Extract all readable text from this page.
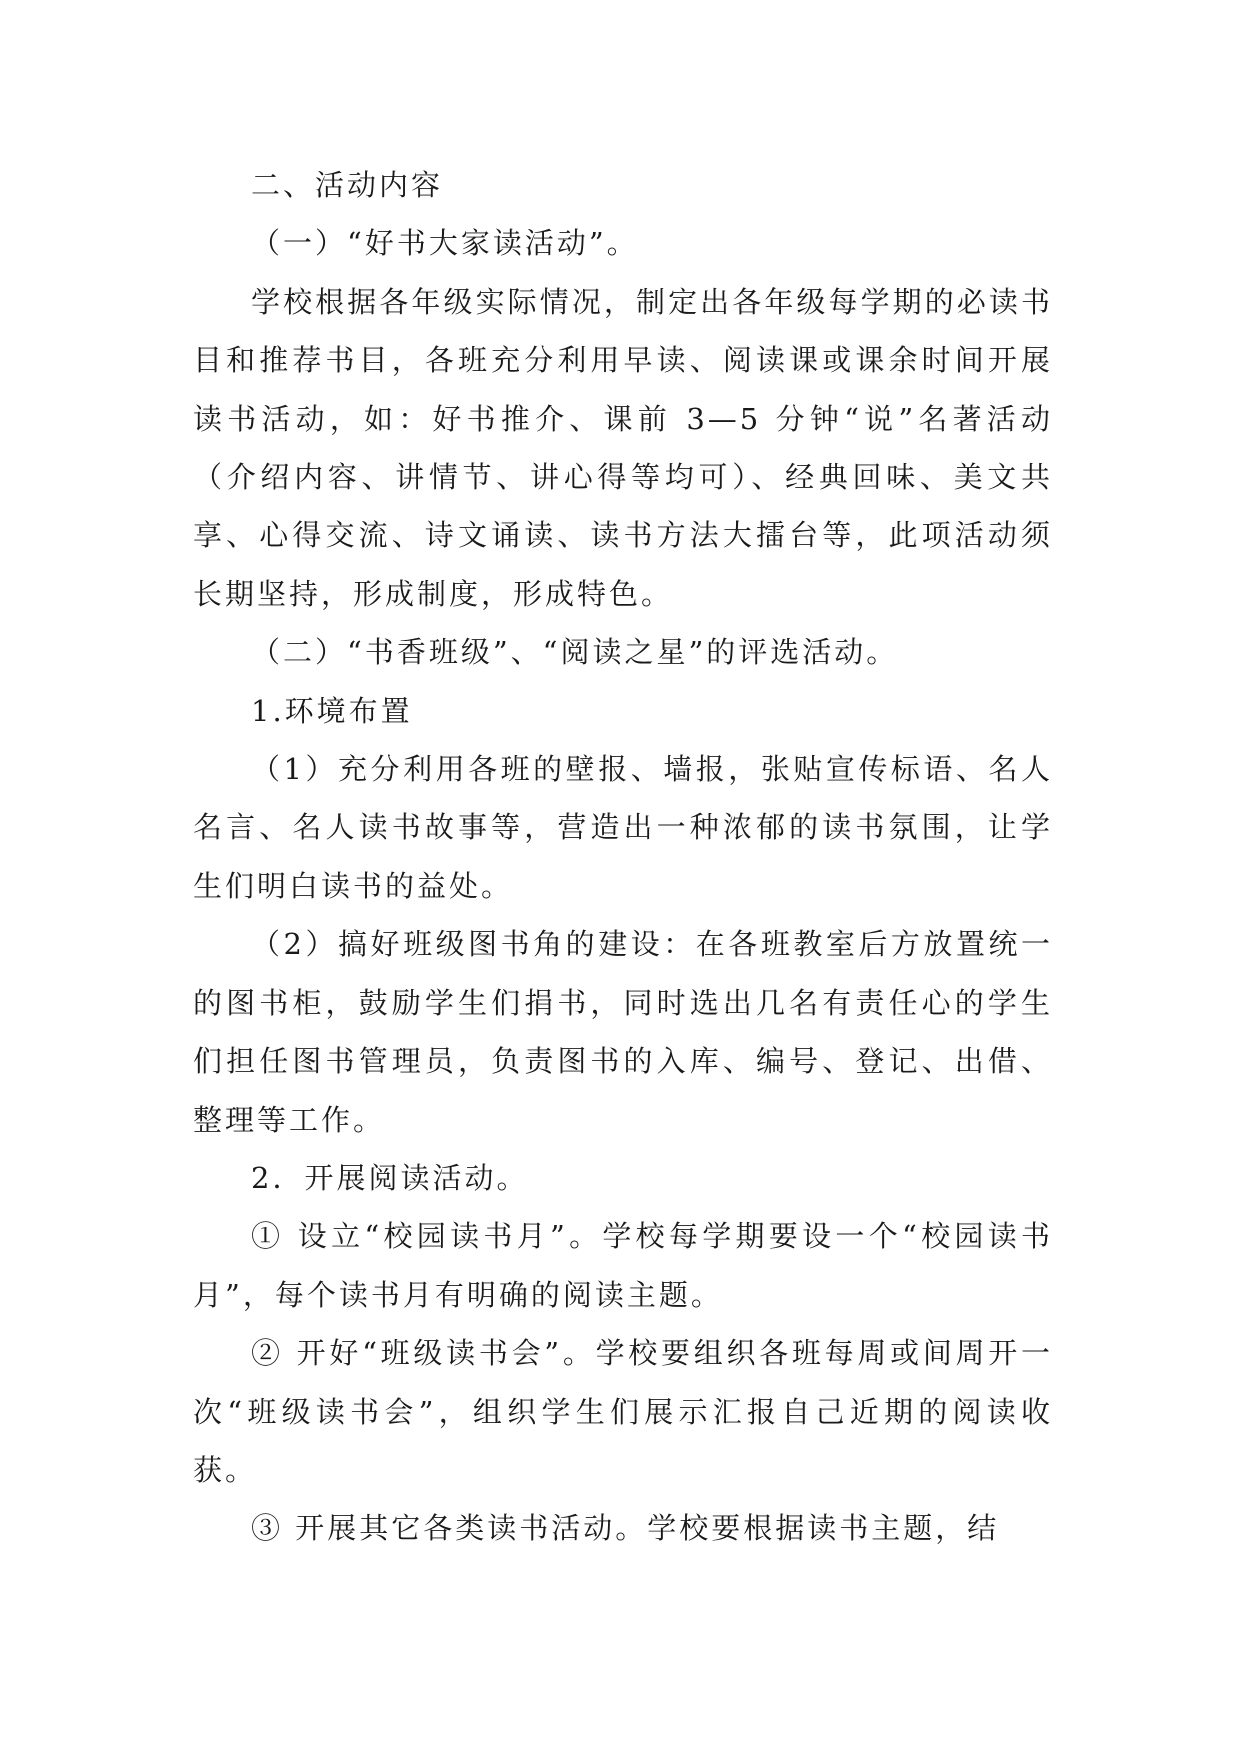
二、活动内容

（一）“好书大家读活动”。

学校根据各年级实际情况，制定出各年级每学期的必读书目和推荐书目，各班充分利用早读、阅读课或课余时间开展读书活动，如：好书推介、课前 3—5 分钟“说”名著活动（介绍内容、讲情节、讲心得等均可）、经典回味、美文共享、心得交流、诗文诵读、读书方法大擂台等，此项活动须长期坚持，形成制度，形成特色。

（二）“书香班级”、“阅读之星”的评选活动。

1.环境布置

（1）充分利用各班的壁报、墙报，张贴宣传标语、名人名言、名人读书故事等，营造出一种浓郁的读书氛围，让学生们明白读书的益处。

（2）搞好班级图书角的建设：在各班教室后方放置统一的图书柜，鼓励学生们捐书，同时选出几名有责任心的学生们担任图书管理员，负责图书的入库、编号、登记、出借、整理等工作。

2．开展阅读活动。

① 设立“校园读书月”。学校每学期要设一个“校园读书月”，每个读书月有明确的阅读主题。

② 开好“班级读书会”。学校要组织各班每周或间周开一次“班级读书会”，组织学生们展示汇报自己近期的阅读收获。

③ 开展其它各类读书活动。学校要根据读书主题，结
